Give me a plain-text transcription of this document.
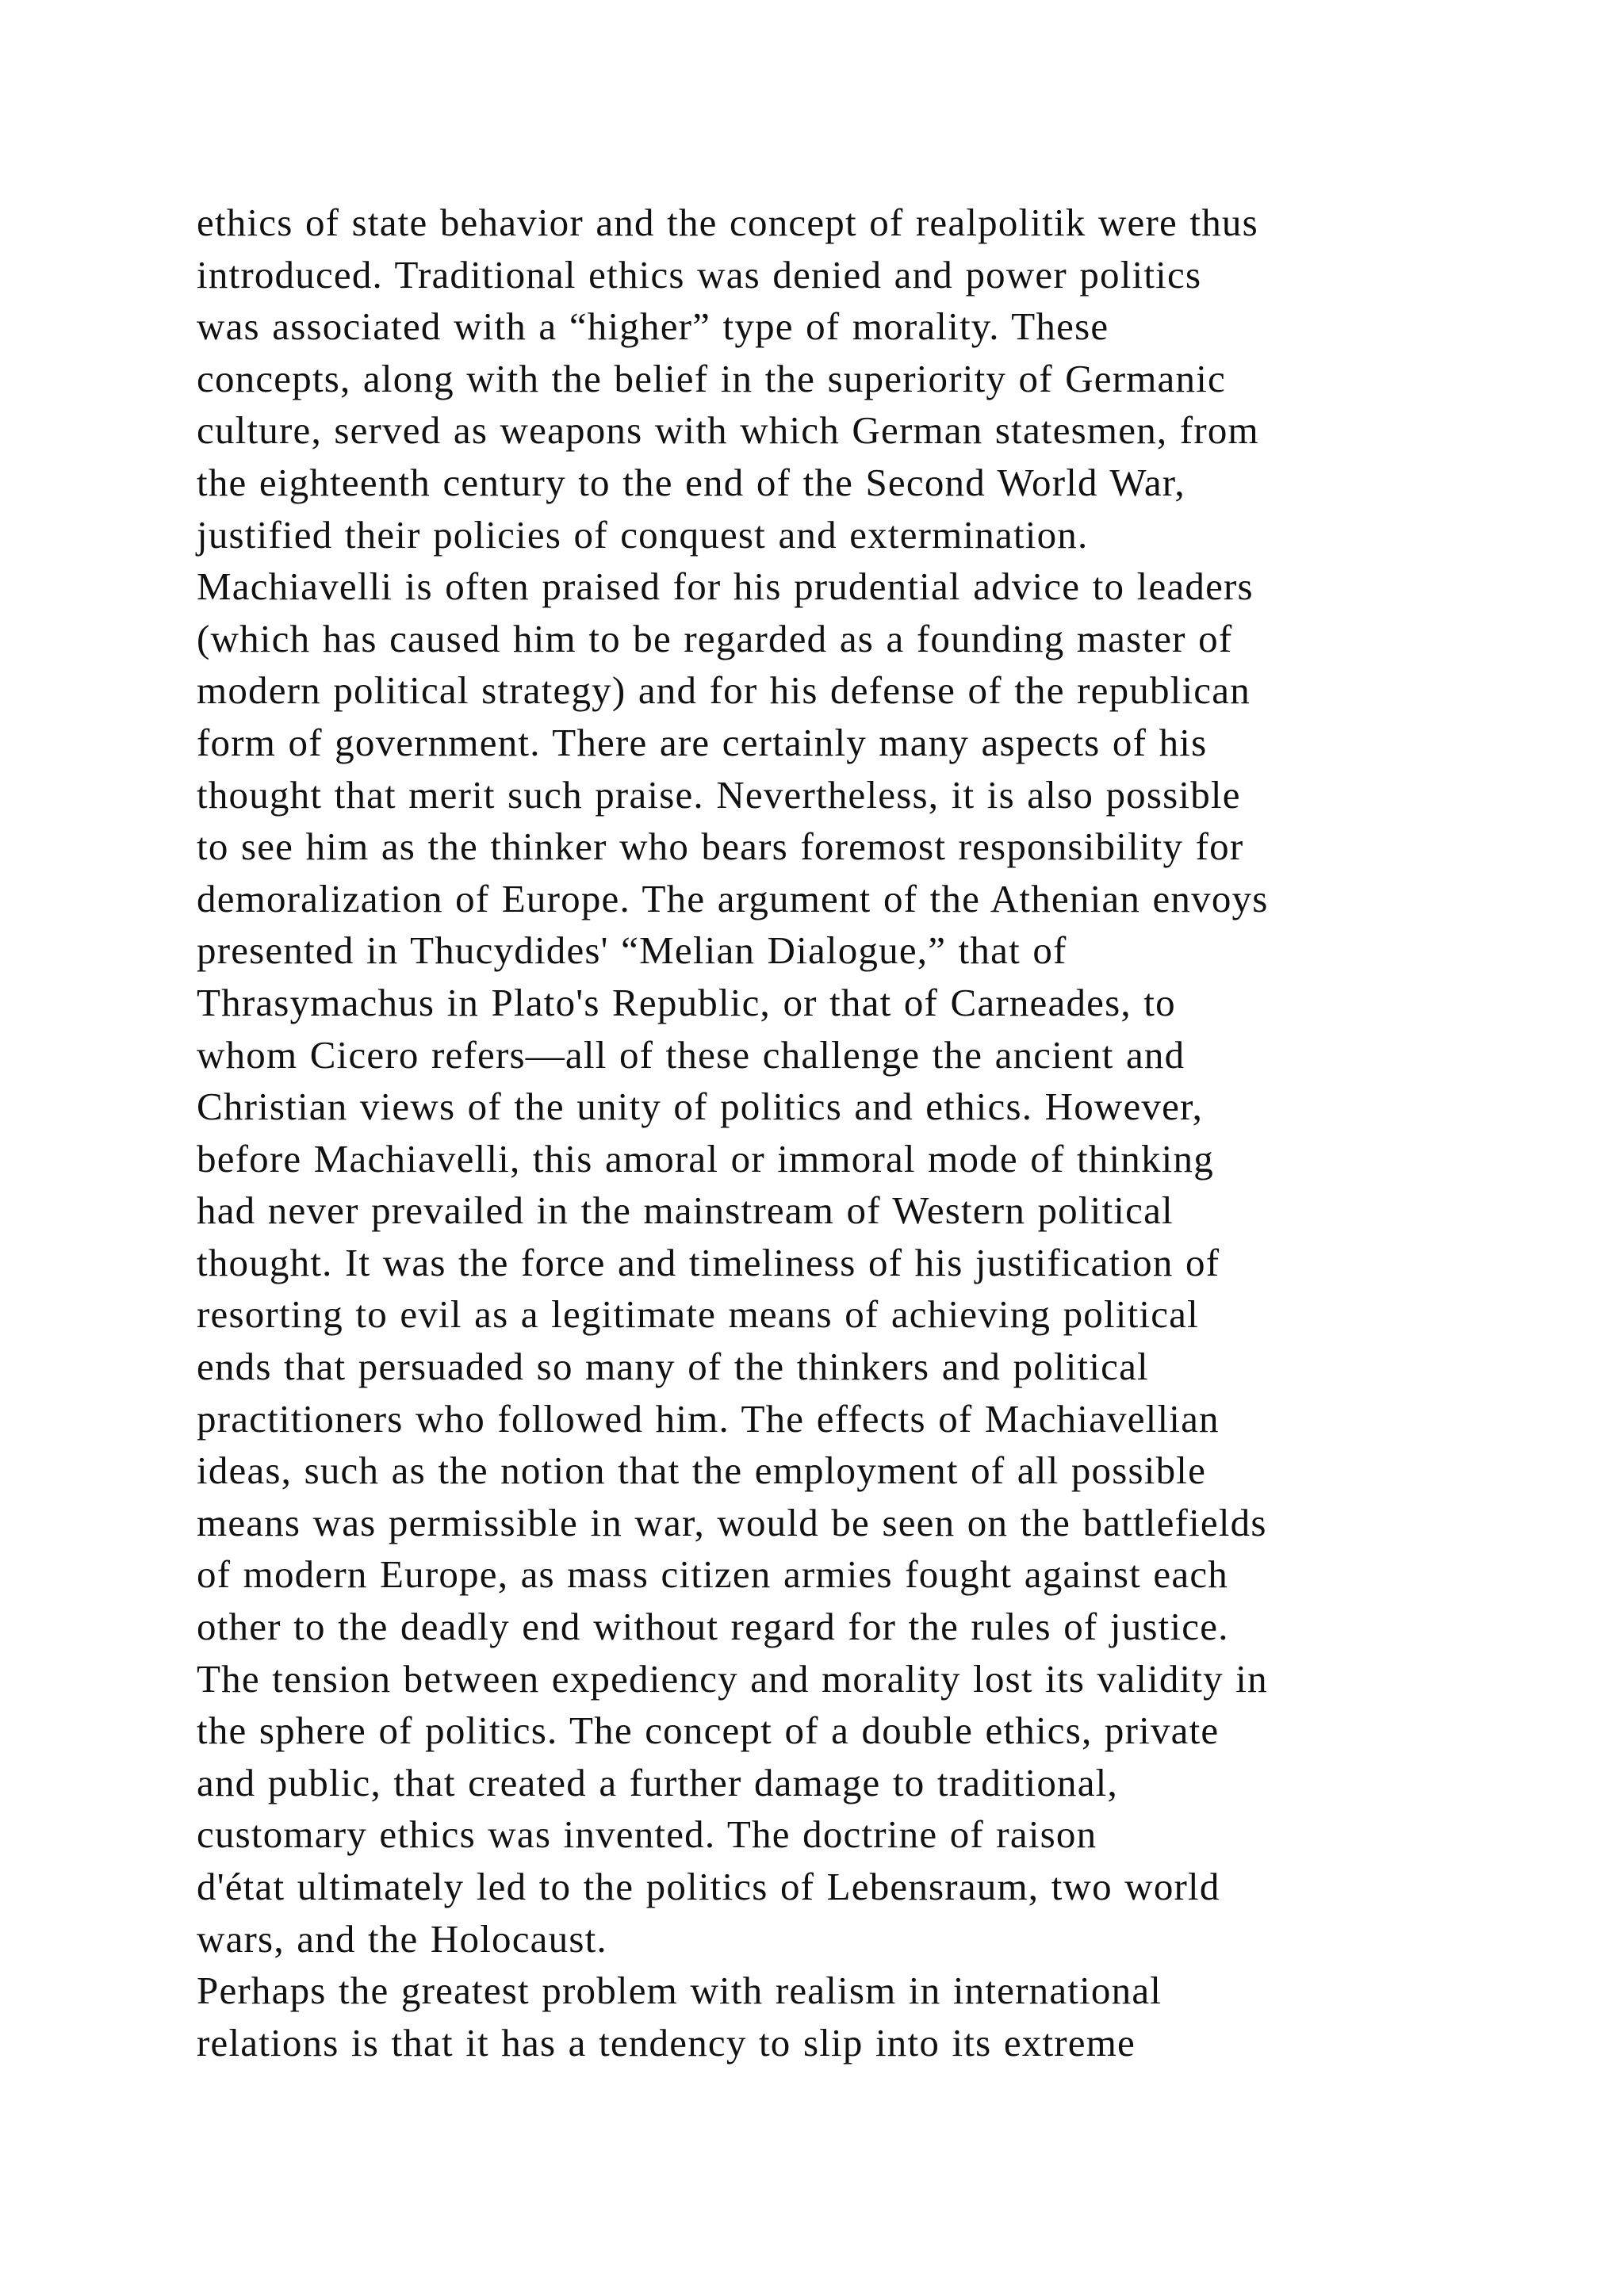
ethics of state behavior and the concept of realpolitik were thus
introduced. Traditional ethics was denied and power politics
was associated with a “higher” type of morality. These
concepts, along with the belief in the superiority of Germanic
culture, served as weapons with which German statesmen, from
the eighteenth century to the end of the Second World War,
justified their policies of conquest and extermination.
Machiavelli is often praised for his prudential advice to leaders
(which has caused him to be regarded as a founding master of
modern political strategy) and for his defense of the republican
form of government. There are certainly many aspects of his
thought that merit such praise. Nevertheless, it is also possible
to see him as the thinker who bears foremost responsibility for
demoralization of Europe. The argument of the Athenian envoys
presented in Thucydides' “Melian Dialogue,” that of
Thrasymachus in Plato's Republic, or that of Carneades, to
whom Cicero refers—all of these challenge the ancient and
Christian views of the unity of politics and ethics. However,
before Machiavelli, this amoral or immoral mode of thinking
had never prevailed in the mainstream of Western political
thought. It was the force and timeliness of his justification of
resorting to evil as a legitimate means of achieving political
ends that persuaded so many of the thinkers and political
practitioners who followed him. The effects of Machiavellian
ideas, such as the notion that the employment of all possible
means was permissible in war, would be seen on the battlefields
of modern Europe, as mass citizen armies fought against each
other to the deadly end without regard for the rules of justice.
The tension between expediency and morality lost its validity in
the sphere of politics. The concept of a double ethics, private
and public, that created a further damage to traditional,
customary ethics was invented. The doctrine of raison
d'état ultimately led to the politics of Lebensraum, two world
wars, and the Holocaust.
Perhaps the greatest problem with realism in international
relations is that it has a tendency to slip into its extreme
